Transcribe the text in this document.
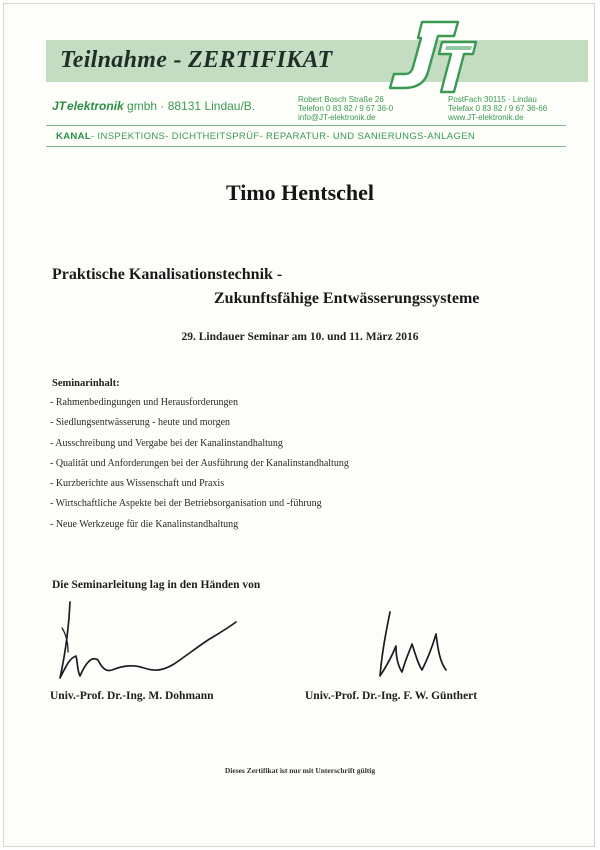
Teilnahme - ZERTIFIKAT
JTelektronik gmbh · 88131 Lindau/B.	Robert Bosch Straße 26
Telefon 0 83 82 / 9 67 36-0
info@JT-elektronik.de
PostFach 30115 · Lindau
Telefax 0 83 82 / 9 67 36-66
www.JT-elektronik.de
KANAL- INSPEKTIONS- DICHTHEITSPRÜF- REPARATUR- UND SANIERUNGS-ANLAGEN
Timo Hentschel
Praktische Kanalisationstechnik -
Zukunftsfähige Entwässerungssysteme
29. Lindauer Seminar am 10. und 11. März 2016
Seminarinhalt:
- Rahmenbedingungen und Herausforderungen
- Siedlungsentwässerung - heute und morgen
- Ausschreibung und Vergabe bei der Kanalinstandhaltung
- Qualität und Anforderungen bei der Ausführung der Kanalinstandhaltung
- Kurzberichte aus Wissenschaft und Praxis
- Wirtschaftliche Aspekte bei der Betriebsorganisation und -führung
- Neue Werkzeuge für die Kanalinstandhaltung
Die Seminarleitung lag in den Händen von
Univ.-Prof. Dr.-Ing. M. Dohmann	Univ.-Prof. Dr.-Ing. F. W. Günthert
Dieses Zertifikat ist nur mit Unterschrift gültig
